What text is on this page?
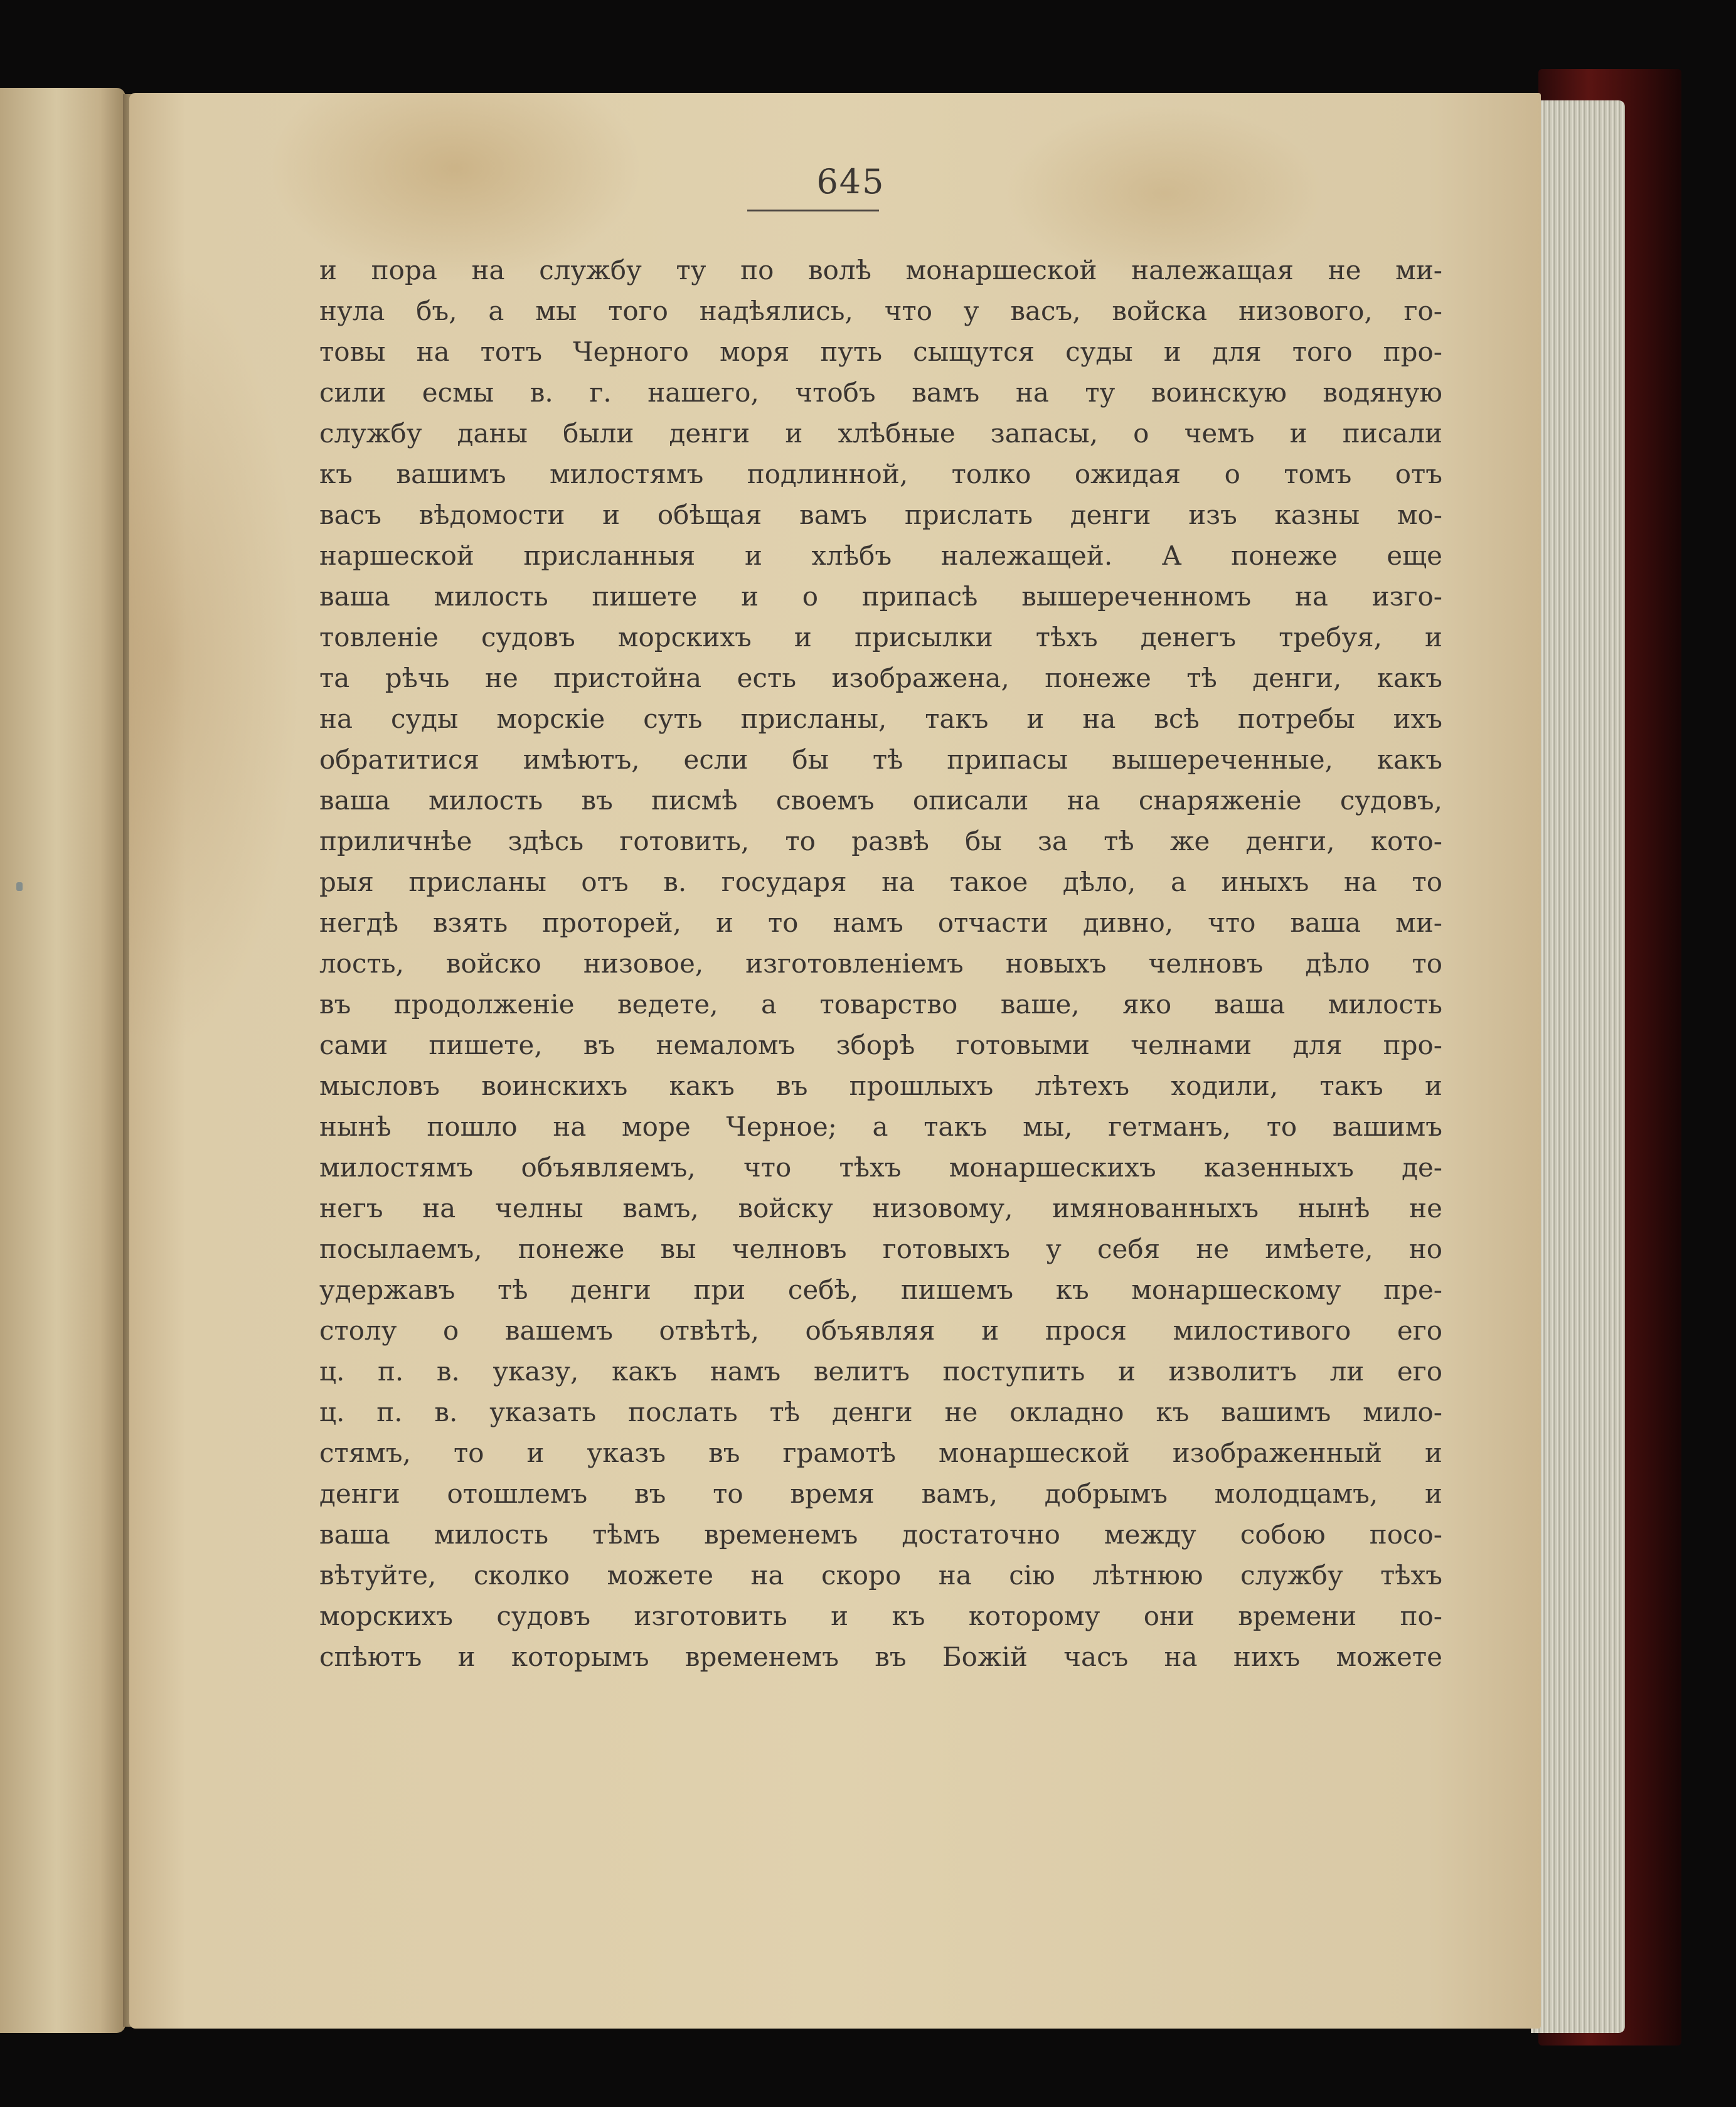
645
и пора на службу ту по волѣ монаршеской належащая не ми-
нула бъ, а мы того надѣялись, что у васъ, войска низового, го-
товы на тотъ Черного моря путь сыщутся суды и для того про-
сили есмы в. г. нашего, чтобъ вамъ на ту воинскую водяную
службу даны были денги и хлѣбные запасы, о чемъ и писали
къ вашимъ милостямъ подлинной, толко ожидая о томъ отъ
васъ вѣдомости и обѣщая вамъ прислать денги изъ казны мо-
наршеской присланныя и хлѣбъ належащей. А понеже еще
ваша милость пишете и о припасѣ вышереченномъ на изго-
товленіе судовъ морскихъ и присылки тѣхъ денегъ требуя, и
та рѣчь не пристойна есть изображена, понеже тѣ денги, какъ
на суды морскіе суть присланы, такъ и на всѣ потребы ихъ
обратитися имѣютъ, если бы тѣ припасы вышереченные, какъ
ваша милость въ писмѣ своемъ описали на снаряженіе судовъ,
приличнѣе здѣсь готовить, то развѣ бы за тѣ же денги, кото-
рыя присланы отъ в. государя на такое дѣло, а иныхъ на то
негдѣ взять проторей, и то намъ отчасти дивно, что ваша ми-
лость, войско низовое, изготовленіемъ новыхъ челновъ дѣло то
въ продолженіе ведете, а товарство ваше, яко ваша милость
сами пишете, въ немаломъ зборѣ готовыми челнами для про-
мысловъ воинскихъ какъ въ прошлыхъ лѣтехъ ходили, такъ и
нынѣ пошло на море Черное; а такъ мы, гетманъ, то вашимъ
милостямъ объявляемъ, что тѣхъ монаршескихъ казенныхъ де-
негъ на челны вамъ, войску низовому, имянованныхъ нынѣ не
посылаемъ, понеже вы челновъ готовыхъ у себя не имѣете, но
удержавъ тѣ денги при себѣ, пишемъ къ монаршескому пре-
столу о вашемъ отвѣтѣ, объявляя и прося милостивого его
ц. п. в. указу, какъ намъ велитъ поступить и изволитъ ли его
ц. п. в. указать послать тѣ денги не окладно къ вашимъ мило-
стямъ, то и указъ въ грамотѣ монаршеской изображенный и
денги отошлемъ въ то время вамъ, добрымъ молодцамъ, и
ваша милость тѣмъ временемъ достаточно между собою посо-
вѣтуйте, сколко можете на скоро на сію лѣтнюю службу тѣхъ
морскихъ судовъ изготовить и къ которому они времени по-
спѣютъ и которымъ временемъ въ Божій часъ на нихъ можете
